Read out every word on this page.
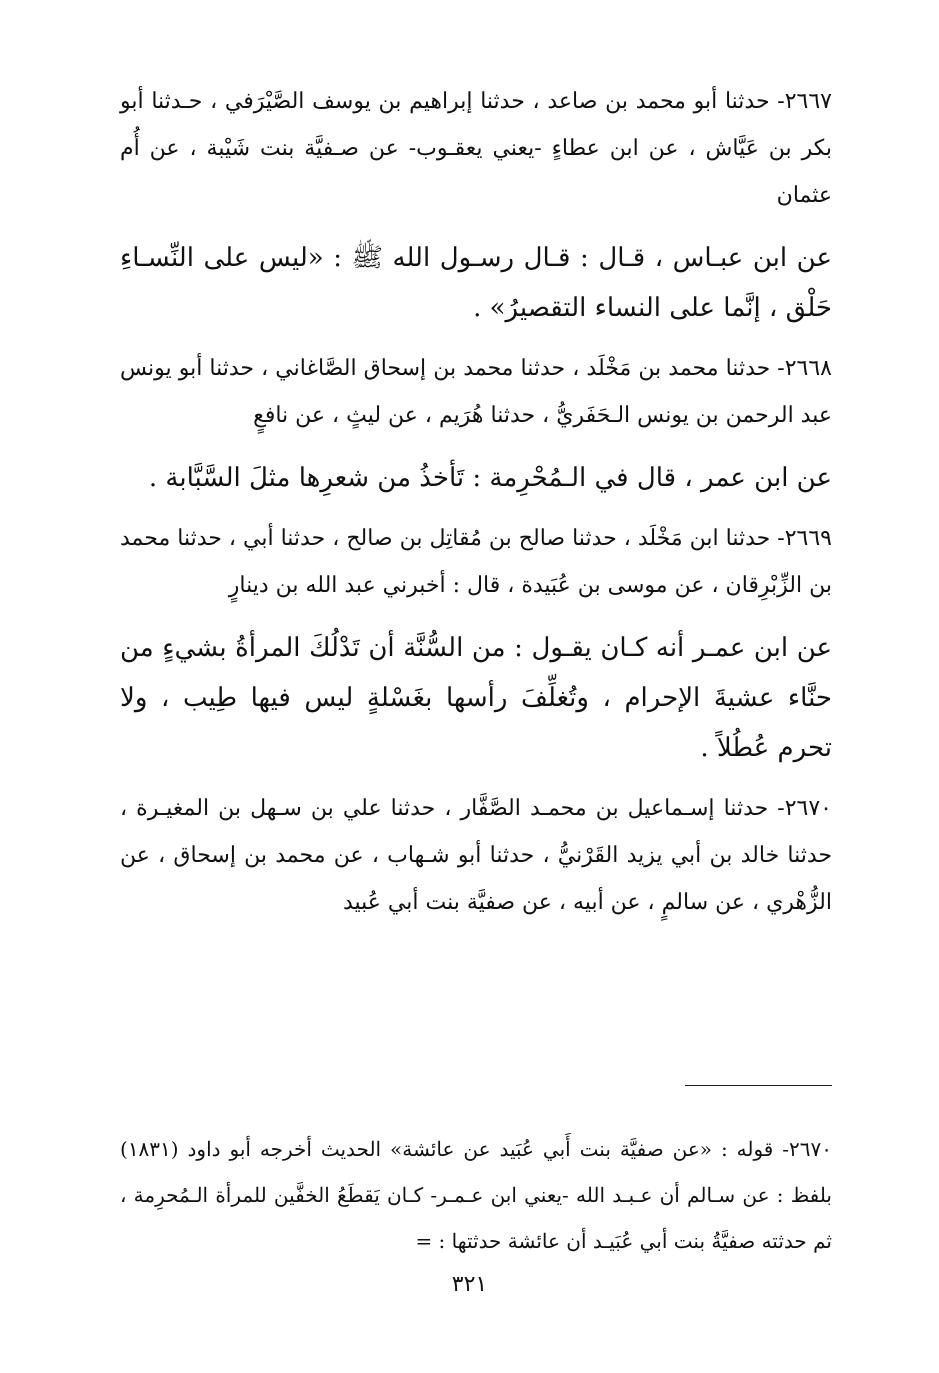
٢٦٦٧- حدثنا أبو محمد بن صاعد ، حدثنا إبراهيم بن يوسف الصَّيْرَفي ، حـدثنا أبو بكر بن عَيَّاش ، عن ابن عطاءٍ -يعني يعقـوب- عن صـفيَّة بنت شَيْبة ، عن أُم عثمان

عن ابن عبـاس ، قـال : قـال رسـول الله ﷺ : «ليس على النِّسـاءِ حَلْق ، إنَّما على النساء التقصيرُ» .

٢٦٦٨- حدثنا محمد بن مَخْلَد ، حدثنا محمد بن إسحاق الصَّاغاني ، حدثنا أبو يونس عبد الرحمن بن يونس الـحَفَريُّ ، حدثنا هُرَيم ، عن ليثٍ ، عن نافعٍ

عن ابن عمر ، قال في الـمُحْرِمة : تَأخذُ من شعرِها مثلَ السَّبَّابة .

٢٦٦٩- حدثنا ابن مَخْلَد ، حدثنا صالح بن مُقاتِل بن صالح ، حدثنا أبي ، حدثنا محمد بن الزِّبْرِقان ، عن موسى بن عُبَيدة ، قال : أخبرني عبد الله بن دينارٍ

عن ابن عمـر أنه كـان يقـول : من السُّنَّة أن تَدْلُكَ المرأةُ بشيءٍ من حنَّاء عشيةَ الإحرام ، وتُغلِّفَ رأسها بغَسْلةٍ ليس فيها طِيب ، ولا تحرم عُطُلاً .

٢٦٧٠- حدثنا إسـماعيل بن محمـد الصَّفَّار ، حدثنا علي بن سـهل بن المغيـرة ، حدثنا خالد بن أبي يزيد القَرْنيُّ ، حدثنا أبو شـهاب ، عن محمد بن إسحاق ، عن الزُّهْري ، عن سالمٍ ، عن أبيه ، عن صفيَّة بنت أبي عُبيد

٢٦٧٠- قوله : «عن صفيَّة بنت أَبي عُبَيد عن عائشة» الحديث أخرجه أبو داود (١٨٣١) بلفظ : عن سـالم أن عـبـد الله -يعني ابن عـمـر- كـان يَقطَعُ الخفَّين للمرأة الـمُحرِمة ، ثم حدثته صفيَّةُ بنت أبي عُبَيـد أن عائشة حدثتها : =

٣٢١
